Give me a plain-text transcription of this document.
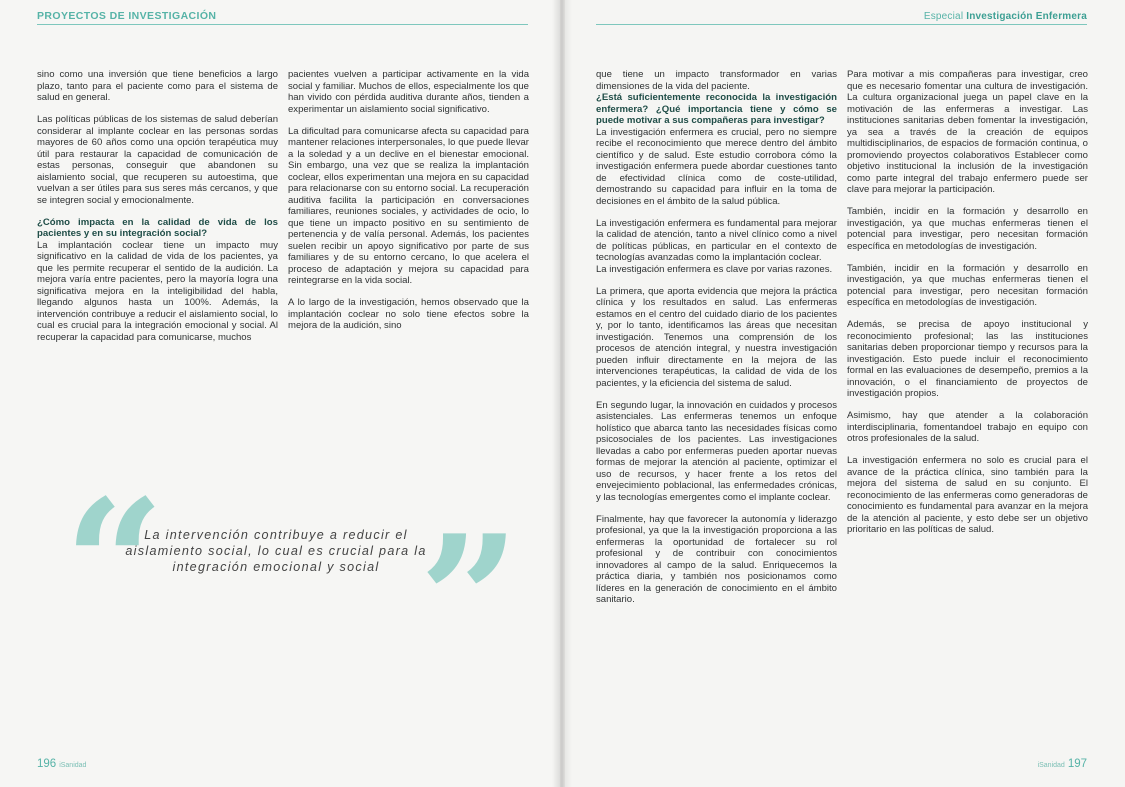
PROYECTOS DE INVESTIGACIÓN

sino como una inversión que tiene beneficios a largo plazo, tanto para el paciente como para el sistema de salud en general.

Las políticas públicas de los sistemas de salud deberían considerar al implante coclear en las personas sordas mayores de 60 años como una opción terapéutica muy útil para restaurar la capacidad de comunicación de estas personas, conseguir que abandonen su aislamiento social, que recuperen su autoestima, que vuelvan a ser útiles para sus seres más cercanos, y que se integren social y emocionalmente.

¿Cómo impacta en la calidad de vida de los pacientes y en su integración social?

La implantación coclear tiene un impacto muy significativo en la calidad de vida de los pacientes, ya que les permite recuperar el sentido de la audición. La mejora varía entre pacientes, pero la mayoría logra una significativa mejora en la inteligibilidad del habla, llegando algunos hasta un 100%. Además, la intervención contribuye a reducir el aislamiento social, lo cual es crucial para la integración emocional y social. Al recuperar la capacidad para comunicarse, muchos

pacientes vuelven a participar activamente en la vida social y familiar. Muchos de ellos, especialmente los que han vivido con pérdida auditiva durante años, tienden a experimentar un aislamiento social significativo.

La dificultad para comunicarse afecta su capacidad para mantener relaciones interpersonales, lo que puede llevar a la soledad y a un declive en el bienestar emocional. Sin embargo, una vez que se realiza la implantación coclear, ellos experimentan una mejora en su capacidad para relacionarse con su entorno social. La recuperación auditiva facilita la participación en conversaciones familiares, reuniones sociales, y actividades de ocio, lo que tiene un impacto positivo en su sentimiento de pertenencia y de valía personal. Además, los pacientes suelen recibir un apoyo significativo por parte de sus familiares y de su entorno cercano, lo que acelera el proceso de adaptación y mejora su capacidad para reintegrarse en la vida social.

A lo largo de la investigación, hemos observado que la implantación coclear no solo tiene efectos sobre la mejora de la audición, sino

“ ”
La intervención contribuye a reducir el aislamiento social, lo cual es crucial para la integración emocional y social
196 iSanidad
Especial Investigación Enfermera

que tiene un impacto transformador en varias dimensiones de la vida del paciente.

¿Está suficientemente reconocida la investigación enfermera? ¿Qué importancia tiene y cómo se puede motivar a sus compañeras para investigar?

La investigación enfermera es crucial, pero no siempre recibe el reconocimiento que merece dentro del ámbito científico y de salud. Este estudio corrobora cómo la investigación enfermera puede abordar cuestiones tanto de efectividad clínica como de coste-utilidad, demostrando su capacidad para influir en la toma de decisiones en el ámbito de la salud pública.

La investigación enfermera es fundamental para mejorar la calidad de atención, tanto a nivel clínico como a nivel de políticas públicas, en particular en el contexto de tecnologías avanzadas como la implantación coclear.

La investigación enfermera es clave por varias razones.

La primera, que aporta evidencia que mejora la práctica clínica y los resultados en salud. Las enfermeras estamos en el centro del cuidado diario de los pacientes y, por lo tanto, identificamos las áreas que necesitan investigación. Tenemos una comprensión de los procesos de atención integral, y nuestra investigación pueden influir directamente en la mejora de las intervenciones terapéuticas, la calidad de vida de los pacientes, y la eficiencia del sistema de salud.

En segundo lugar, la innovación en cuidados y procesos asistenciales. Las enfermeras tenemos un enfoque holístico que abarca tanto las necesidades físicas como psicosociales de los pacientes. Las investigaciones llevadas a cabo por enfermeras pueden aportar nuevas formas de mejorar la atención al paciente, optimizar el uso de recursos, y hacer frente a los retos del envejecimiento poblacional, las enfermedades crónicas, y las tecnologías emergentes como el implante coclear.

Finalmente, hay que favorecer la autonomía y liderazgo profesional, ya que la la investigación proporciona a las enfermeras la oportunidad de fortalecer su rol profesional y de contribuir con conocimientos innovadores al campo de la salud. Enriquecemos la práctica diaria, y también nos posicionamos como líderes en la generación de conocimiento en el ámbito sanitario.

Para motivar a mis compañeras para investigar, creo que es necesario fomentar una cultura de investigación. La cultura organizacional juega un papel clave en la motivación de las enfermeras a investigar. Las instituciones sanitarias deben fomentar la investigación, ya sea a través de la creación de equipos multidisciplinarios, de espacios de formación continua, o promoviendo proyectos colaborativos Establecer como objetivo institucional la inclusión de la investigación como parte integral del trabajo enfermero puede ser clave para mejorar la participación.

También, incidir en la formación y desarrollo en investigación, ya que muchas enfermeras tienen el potencial para investigar, pero necesitan formación específica en metodologías de investigación.

También, incidir en la formación y desarrollo en investigación, ya que muchas enfermeras tienen el potencial para investigar, pero necesitan formación específica en metodologías de investigación.

Además, se precisa de apoyo institucional y reconocimiento profesional; las las instituciones sanitarias deben proporcionar tiempo y recursos para la investigación. Esto puede incluir el reconocimiento formal en las evaluaciones de desempeño, premios a la innovación, o el financiamiento de proyectos de investigación propios.

Asimismo, hay que atender a la colaboración interdisciplinaria, fomentandoel trabajo en equipo con otros profesionales de la salud.

La investigación enfermera no solo es crucial para el avance de la práctica clínica, sino también para la mejora del sistema de salud en su conjunto. El reconocimiento de las enfermeras como generadoras de conocimiento es fundamental para avanzar en la mejora de la atención al paciente, y esto debe ser un objetivo prioritario en las políticas de salud.

iSanidad 197
